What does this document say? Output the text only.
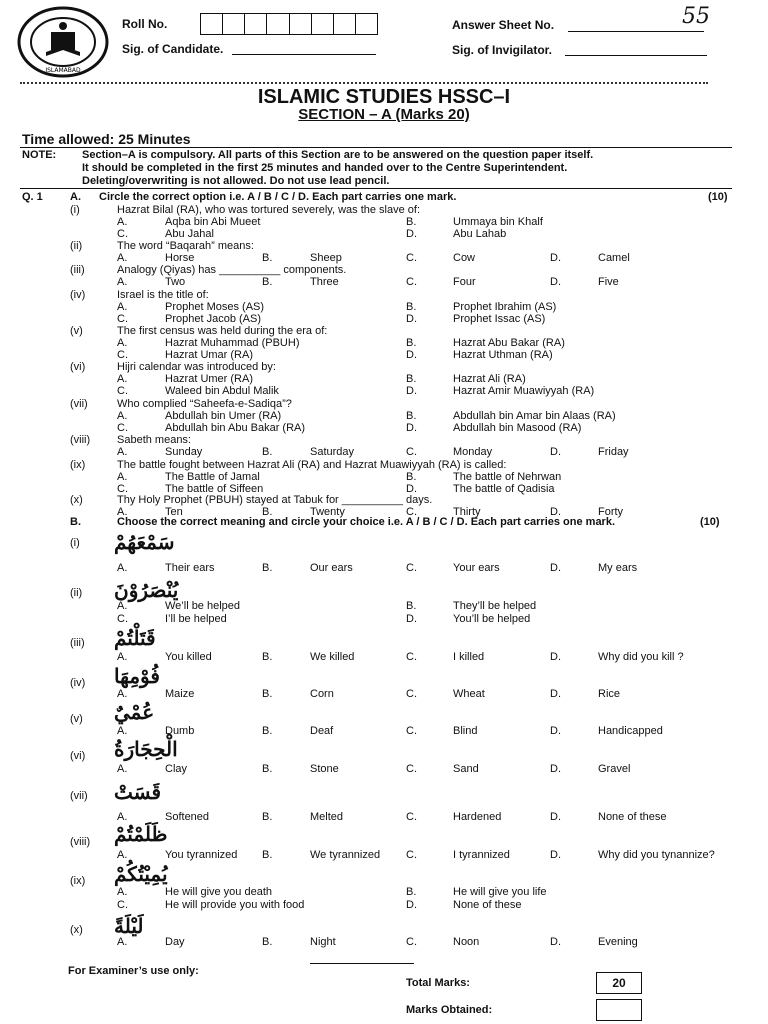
ISLAMABAD
Roll No.
Sig. of Candidate.
Answer Sheet No.	55
Sig. of Invigilator.
ISLAMIC STUDIES HSSC–I
SECTION – A (Marks 20)
Time allowed: 25 Minutes
NOTE: Section–A is compulsory. All parts of this Section are to be answered on the question paper itself.
It should be completed in the first 25 minutes and handed over to the Centre Superintendent.
Deleting/overwriting is not allowed. Do not use lead pencil.
Q. 1 A. Circle the correct option i.e. A / B / C / D. Each part carries one mark.	(10)
(i)	Hazrat Bilal (RA), who was tortured severely, was the slave of:
A.	Aqba bin Abi Mueet	B.	Ummaya bin Khalf
C.	Abu Jahal	D.	Abu Lahab
(ii)	The word “Baqarah” means:
A.	Horse	B.	Sheep	C.	Cow	D.	Camel
(iii)	Analogy (Qiyas) has __________ components.
A.	Two	B.	Three	C.	Four	D.	Five
(iv)	Israel is the title of:
A.	Prophet Moses (AS)	B.	Prophet Ibrahim (AS)
C.	Prophet Jacob (AS)	D.	Prophet Issac (AS)
(v)	The first census was held during the era of:
A.	Hazrat Muhammad (PBUH)	B.	Hazrat Abu Bakar (RA)
C.	Hazrat Umar (RA)	D.	Hazrat Uthman (RA)
(vi)	Hijri calendar was introduced by:
A.	Hazrat Umer (RA)	B.	Hazrat Ali (RA)
C.	Waleed bin Abdul Malik	D.	Hazrat Amir Muawiyyah (RA)
(vii)	Who complied “Saheefa-e-Sadiqa”?
A.	Abdullah bin Umer (RA)	B.	Abdullah bin Amar bin Alaas (RA)
C.	Abdullah bin Abu Bakar (RA)	D.	Abdullah bin Masood (RA)
(viii) Sabeth means:
A.	Sunday	B.	Saturday	C.	Monday	D.	Friday
(ix)	The battle fought between Hazrat Ali (RA) and Hazrat Muawiyyah (RA) is called:
A.	The Battle of Jamal	B.	The battle of Nehrwan
C.	The battle of Siffeen	D.	The battle of Qadisia
(x)	Thy Holy Prophet (PBUH) stayed at Tabuk for __________ days.
A.	Ten	B.	Twenty	C.	Thirty	D.	Forty
B.	Choose the correct meaning and circle your choice i.e. A / B / C / D. Each part carries one mark.	(10)
(i) سَمْعَهُمْ
A.	Their ears	B.	Our ears	C.	Your ears	D.	My ears
(ii) يُنْصَرُوْنَ
A.	We’ll be helped	B.	They’ll be helped
C.	I’ll be helped	D.	You’ll be helped
(iii) قَتَلْتُمْ
A.	You killed	B.	We killed	C.	I killed	D.	Why did you kill ?
(iv) فُوْمِهَا
A.	Maize	B.	Corn	C.	Wheat	D.	Rice
(v) عُمْيٌ
A.	Dumb	B.	Deaf	C.	Blind	D.	Handicapped
(vi) الْحِجَارَةُ
A.	Clay	B.	Stone	C.	Sand	D.	Gravel
(vii) قَسَتْ
A.	Softened	B.	Melted	C.	Hardened	D.	None of these
(viii) ظَلَمْتُمْ
A.	You tyrannized B.	We tyrannized C.	I tyrannized	D.	Why did you tynannize?
(ix) يُمِيْتُكُمْ
A.	He will give you death	B.	He will give you life
C.	He will provide you with food	D.	None of these
(x) لَيْلَةً
A.	Day	B.	Night	C.	Noon	D.	Evening
For Examiner’s use only:
Total Marks:	20
Marks Obtained:
